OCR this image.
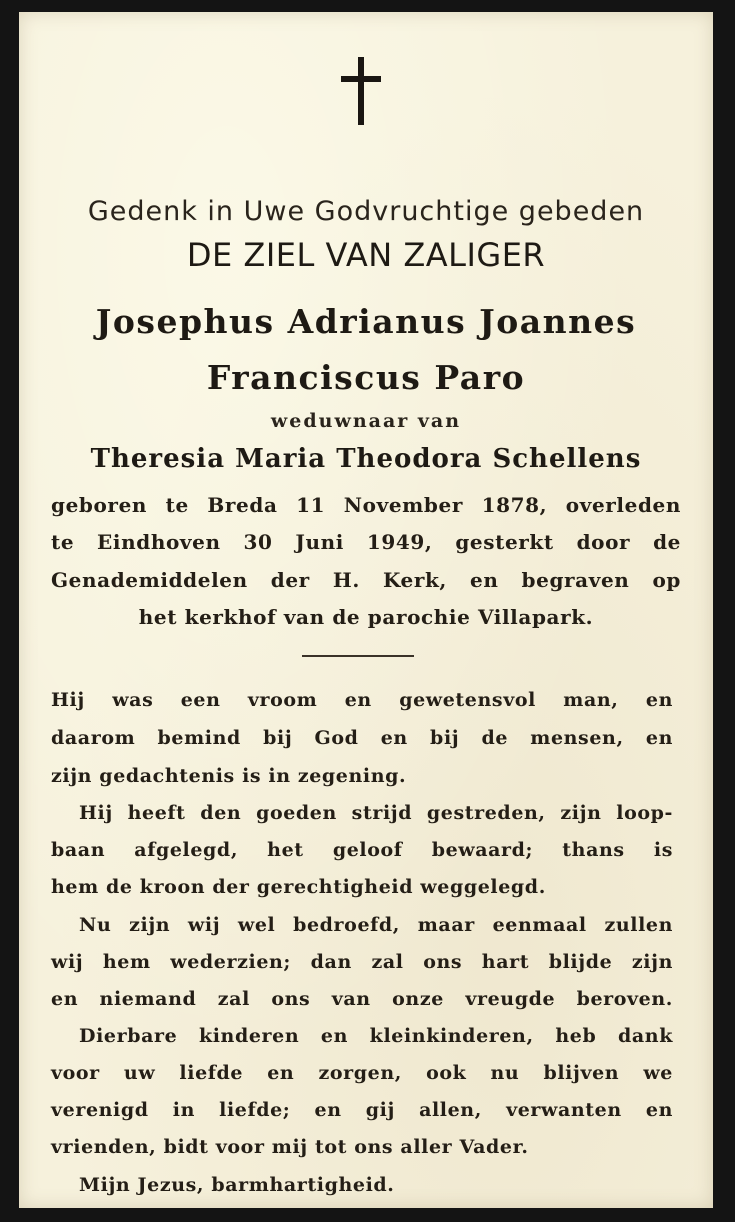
Gedenk in Uwe Godvruchtige gebeden
DE ZIEL VAN ZALIGER
Josephus Adrianus Joannes
Franciscus Paro
weduwnaar van
Theresia Maria Theodora Schellens
geboren te Breda 11 November 1878, overleden
te Eindhoven 30 Juni 1949, gesterkt door de
Genademiddelen der H. Kerk, en begraven op
het kerkhof van de parochie Villapark.
Hij was een vroom en gewetensvol man, en
daarom bemind bij God en bij de mensen, en
zijn gedachtenis is in zegening.
Hij heeft den goeden strijd gestreden, zijn loop-
baan afgelegd, het geloof bewaard; thans is
hem de kroon der gerechtigheid weggelegd.
Nu zijn wij wel bedroefd, maar eenmaal zullen
wij hem wederzien; dan zal ons hart blijde zijn
en niemand zal ons van onze vreugde beroven.
Dierbare kinderen en kleinkinderen, heb dank
voor uw liefde en zorgen, ook nu blijven we
verenigd in liefde; en gij allen, verwanten en
vrienden, bidt voor mij tot ons aller Vader.
Mijn Jezus, barmhartigheid.
